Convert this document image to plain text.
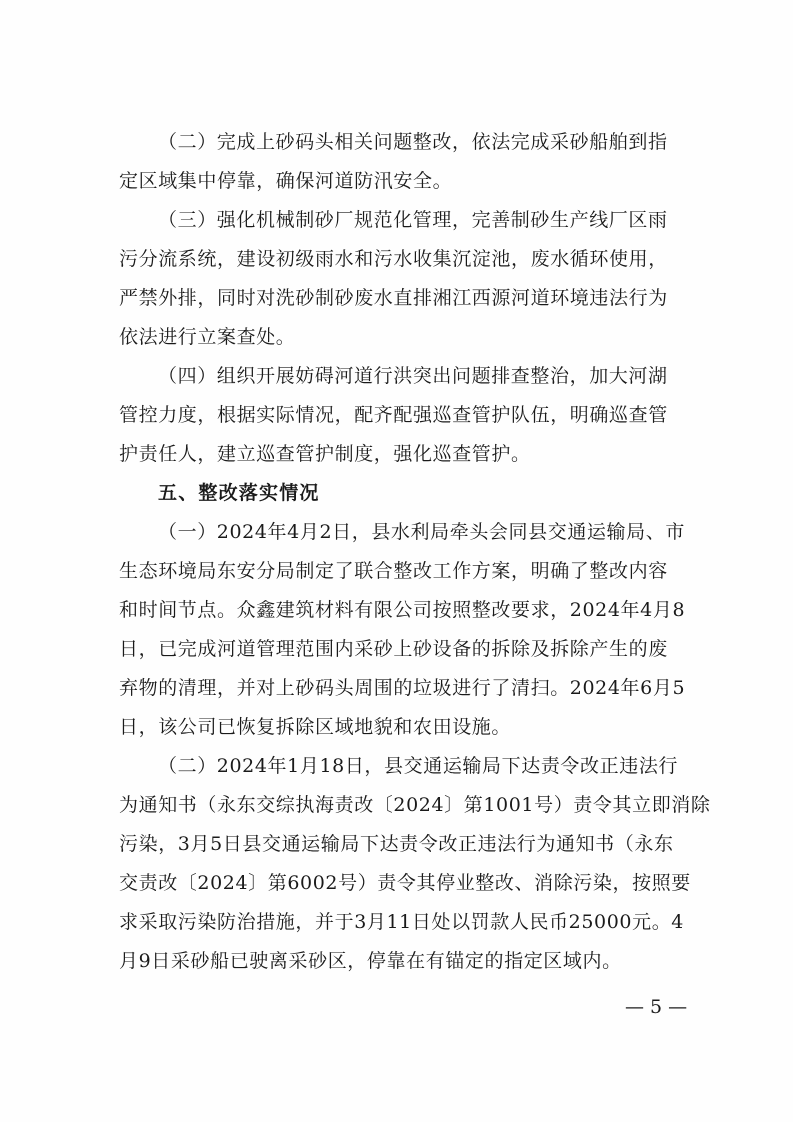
（二）完成上砂码头相关问题整改，依法完成采砂船舶到指
定区域集中停靠，确保河道防汛安全。
（三）强化机械制砂厂规范化管理，完善制砂生产线厂区雨
污分流系统，建设初级雨水和污水收集沉淀池，废水循环使用，
严禁外排，同时对洗砂制砂废水直排湘江西源河道环境违法行为
依法进行立案查处。
（四）组织开展妨碍河道行洪突出问题排查整治，加大河湖
管控力度，根据实际情况，配齐配强巡查管护队伍，明确巡查管
护责任人，建立巡查管护制度，强化巡查管护。
五、整改落实情况
（一）2024年4月2日，县水利局牵头会同县交通运输局、市
生态环境局东安分局制定了联合整改工作方案，明确了整改内容
和时间节点。众鑫建筑材料有限公司按照整改要求，2024年4月8
日，已完成河道管理范围内采砂上砂设备的拆除及拆除产生的废
弃物的清理，并对上砂码头周围的垃圾进行了清扫。2024年6月5
日，该公司已恢复拆除区域地貌和农田设施。
（二）2024年1月18日，县交通运输局下达责令改正违法行
为通知书（永东交综执海责改〔2024〕第1001号）责令其立即消除
污染，3月5日县交通运输局下达责令改正违法行为通知书（永东
交责改〔2024〕第6002号）责令其停业整改、消除污染，按照要
求采取污染防治措施，并于3月11日处以罚款人民币25000元。4
月9日采砂船已驶离采砂区，停靠在有锚定的指定区域内。
— 5 —
